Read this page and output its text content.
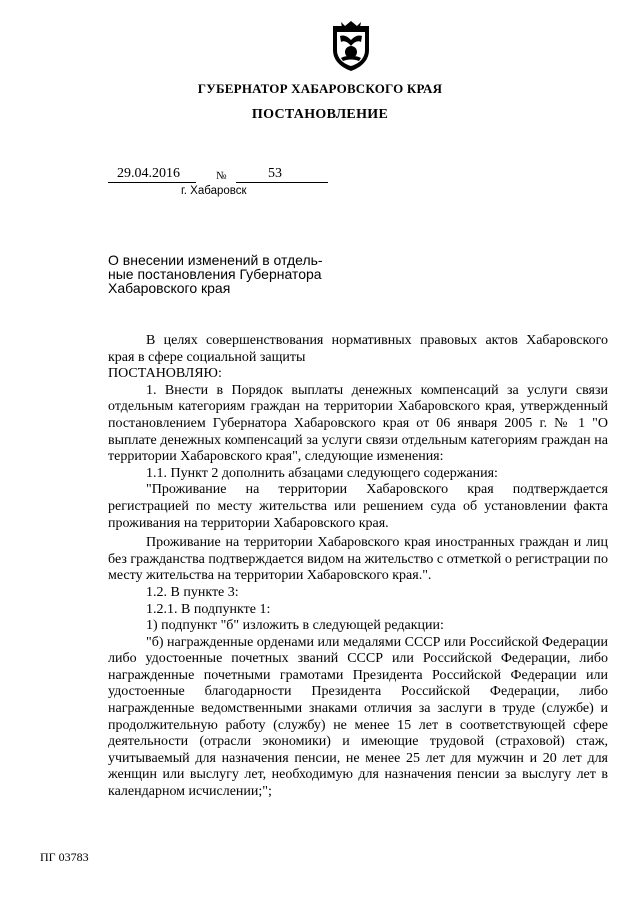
ГУБЕРНАТОР ХАБАРОВСКОГО КРАЯ
ПОСТАНОВЛЕНИЕ
29.04.2016	№	53
г. Хабаровск
О внесении изменений в отдель-
ные постановления Губернатора
Хабаровского края

В целях совершенствования нормативных правовых актов Хабаровского края в сфере социальной защиты

ПОСТАНОВЛЯЮ:

1. Внести в Порядок выплаты денежных компенсаций за услуги связи отдельным категориям граждан на территории Хабаровского края, утвержденный постановлением Губернатора Хабаровского края от 06 января 2005 г. № 1 "О выплате денежных компенсаций за услуги связи отдельным категориям граждан на территории Хабаровского края", следующие изменения:

1.1. Пункт 2 дополнить абзацами следующего содержания:

"Проживание на территории Хабаровского края подтверждается регистрацией по месту жительства или решением суда об установлении факта проживания на территории Хабаровского края.

Проживание на территории Хабаровского края иностранных граждан и лиц без гражданства подтверждается видом на жительство с отметкой о регистрации по месту жительства на территории Хабаровского края.".

1.2. В пункте 3:

1.2.1. В подпункте 1:

1) подпункт "б" изложить в следующей редакции:

"б) награжденные орденами или медалями СССР или Российской Федерации либо удостоенные почетных званий СССР или Российской Федерации, либо награжденные почетными грамотами Президента Российской Федерации или удостоенные благодарности Президента Российской Федерации, либо награжденные ведомственными знаками отличия за заслуги в труде (службе) и продолжительную работу (службу) не менее 15 лет в соответствующей сфере деятельности (отрасли экономики) и имеющие трудовой (страховой) стаж, учитываемый для назначения пенсии, не менее 25 лет для мужчин и 20 лет для женщин или выслугу лет, необходимую для назначения пенсии за выслугу лет в календарном исчислении;";

ПГ 03783
